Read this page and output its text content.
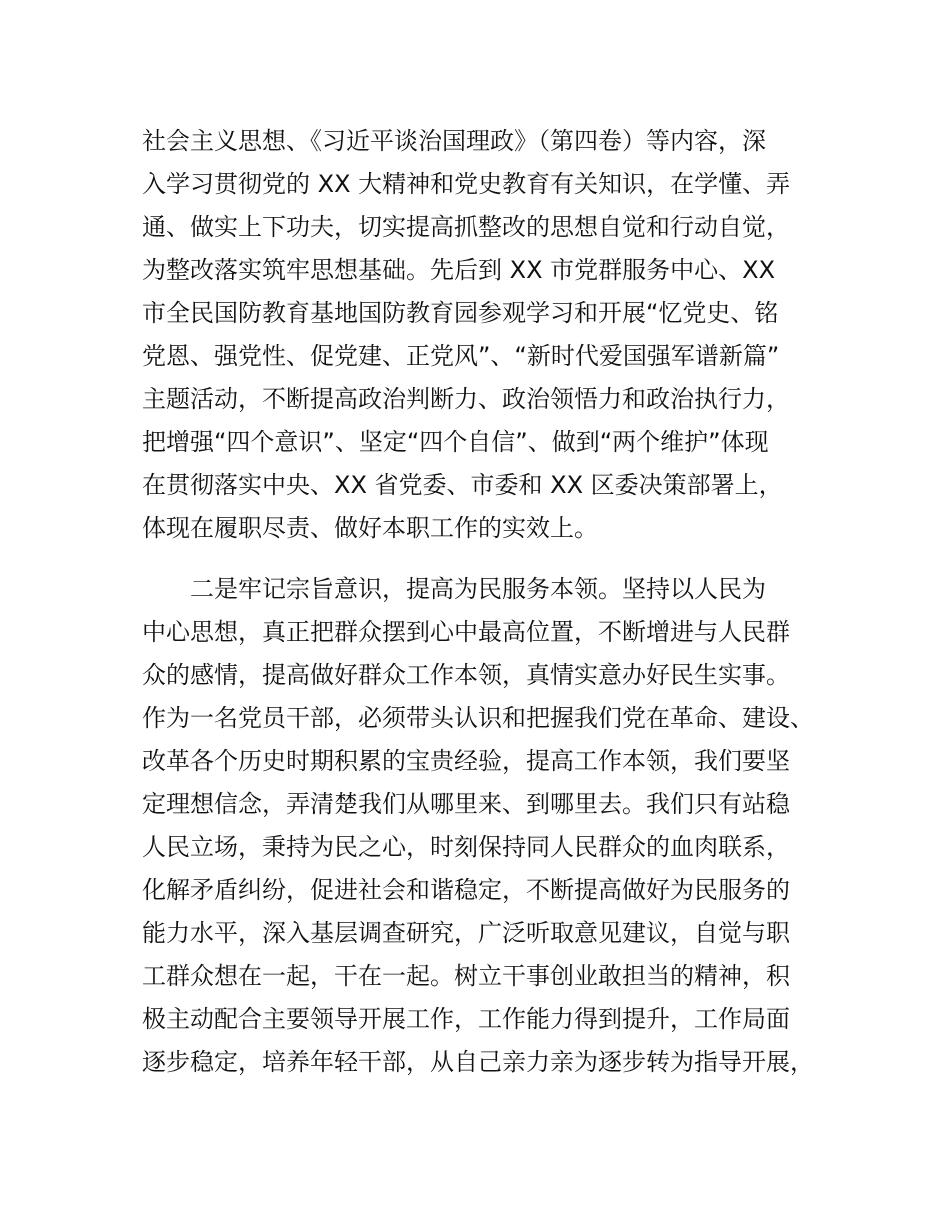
社会主义思想、《习近平谈治国理政》（第四卷）等内容，深
入学习贯彻党的 XX 大精神和党史教育有关知识，在学懂、弄
通、做实上下功夫，切实提高抓整改的思想自觉和行动自觉，
为整改落实筑牢思想基础。先后到 XX 市党群服务中心、XX
市全民国防教育基地国防教育园参观学习和开展“忆党史、铭
党恩、强党性、促党建、正党风”、“新时代爱国强军谱新篇”
主题活动，不断提高政治判断力、政治领悟力和政治执行力，
把增强“四个意识”、坚定“四个自信”、做到“两个维护”体现
在贯彻落实中央、XX 省党委、市委和 XX 区委决策部署上，
体现在履职尽责、做好本职工作的实效上。
二是牢记宗旨意识，提高为民服务本领。坚持以人民为
中心思想，真正把群众摆到心中最高位置，不断增进与人民群
众的感情，提高做好群众工作本领，真情实意办好民生实事。
作为一名党员干部，必须带头认识和把握我们党在革命、建设、
改革各个历史时期积累的宝贵经验，提高工作本领，我们要坚
定理想信念，弄清楚我们从哪里来、到哪里去。我们只有站稳
人民立场，秉持为民之心，时刻保持同人民群众的血肉联系，
化解矛盾纠纷，促进社会和谐稳定，不断提高做好为民服务的
能力水平，深入基层调查研究，广泛听取意见建议，自觉与职
工群众想在一起，干在一起。树立干事创业敢担当的精神，积
极主动配合主要领导开展工作，工作能力得到提升，工作局面
逐步稳定，培养年轻干部，从自己亲力亲为逐步转为指导开展，
